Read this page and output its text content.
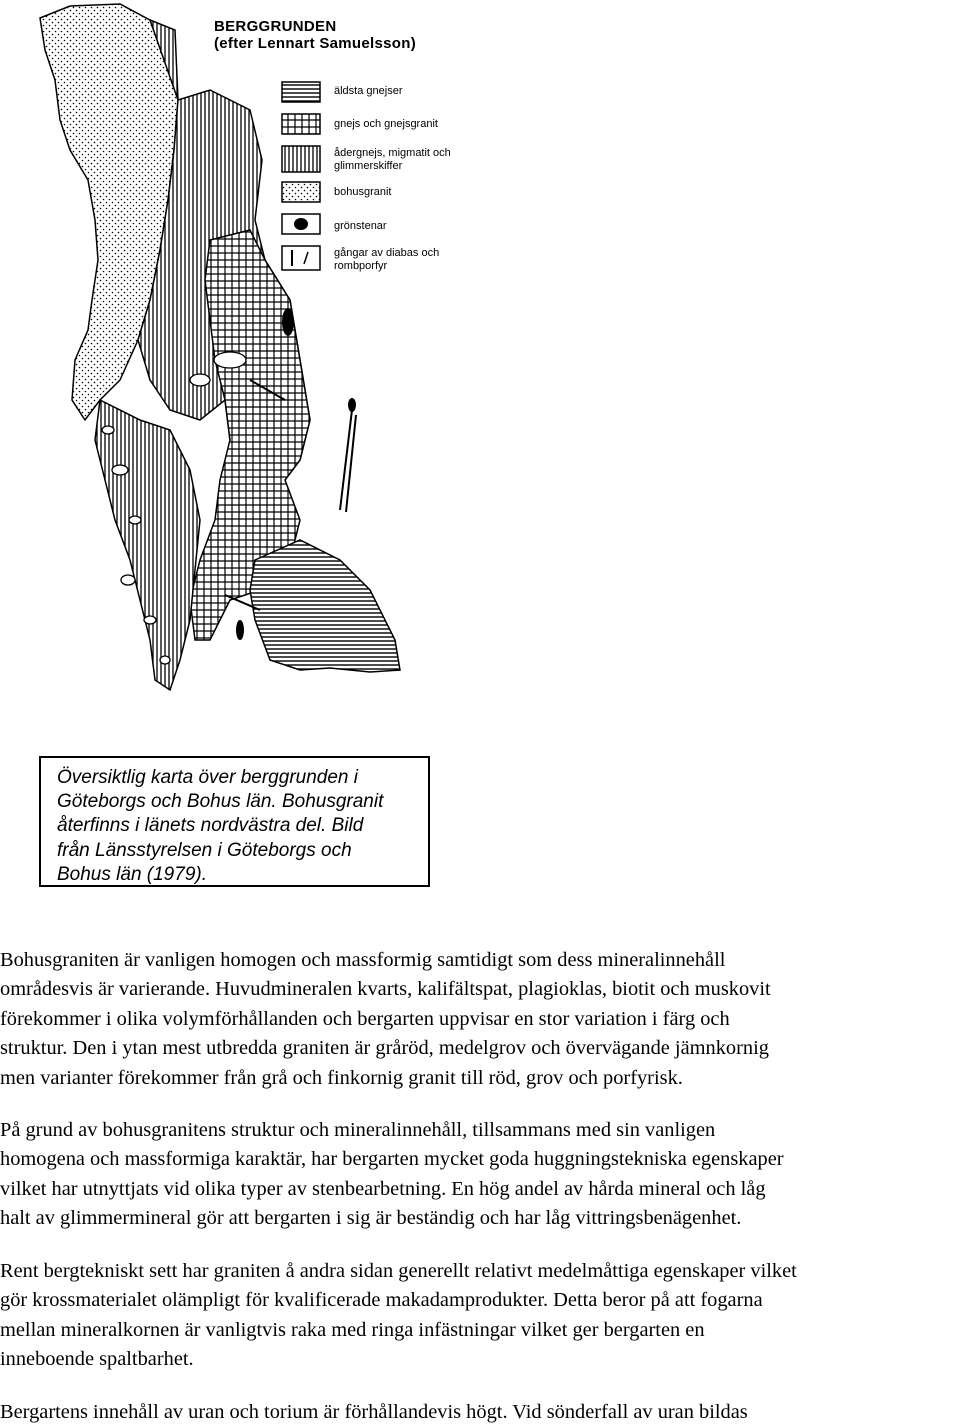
BERGGRUNDEN
(efter Lennart Samuelsson)
äldsta gnejser
gnejs och gnejsgranit
ådergnejs, migmatit och
glimmerskiffer
bohusgranit
grönstenar
gångar av diabas och
rombporfyr
Översiktlig karta över berggrunden i
Göteborgs och Bohus län. Bohusgranit
återfinns i länets nordvästra del. Bild
från Länsstyrelsen i Göteborgs och
Bohus län (1979).
Bohusgraniten är vanligen homogen och massformig samtidigt som dess mineralinnehåll
områdesvis är varierande. Huvudmineralen kvarts, kalifältspat, plagioklas, biotit och muskovit
förekommer i olika volymförhållanden och bergarten uppvisar en stor variation i färg och
struktur. Den i ytan mest utbredda graniten är gråröd, medelgrov och övervägande jämnkornig
men varianter förekommer från grå och finkornig granit till röd, grov och porfyrisk.
På grund av bohusgranitens struktur och mineralinnehåll, tillsammans med sin vanligen
homogena och massformiga karaktär, har bergarten mycket goda huggningstekniska egenskaper
vilket har utnyttjats vid olika typer av stenbearbetning. En hög andel av hårda mineral och låg
halt av glimmermineral gör att bergarten i sig är beständig och har låg vittringsbenägenhet.
Rent bergtekniskt sett har graniten å andra sidan generellt relativt medelmåttiga egenskaper vilket
gör krossmaterialet olämpligt för kvalificerade makadamprodukter. Detta beror på att fogarna
mellan mineralkornen är vanligtvis raka med ringa infästningar vilket ger bergarten en
inneboende spaltbarhet.
Bergartens innehåll av uran och torium är förhållandevis högt. Vid sönderfall av uran bildas
